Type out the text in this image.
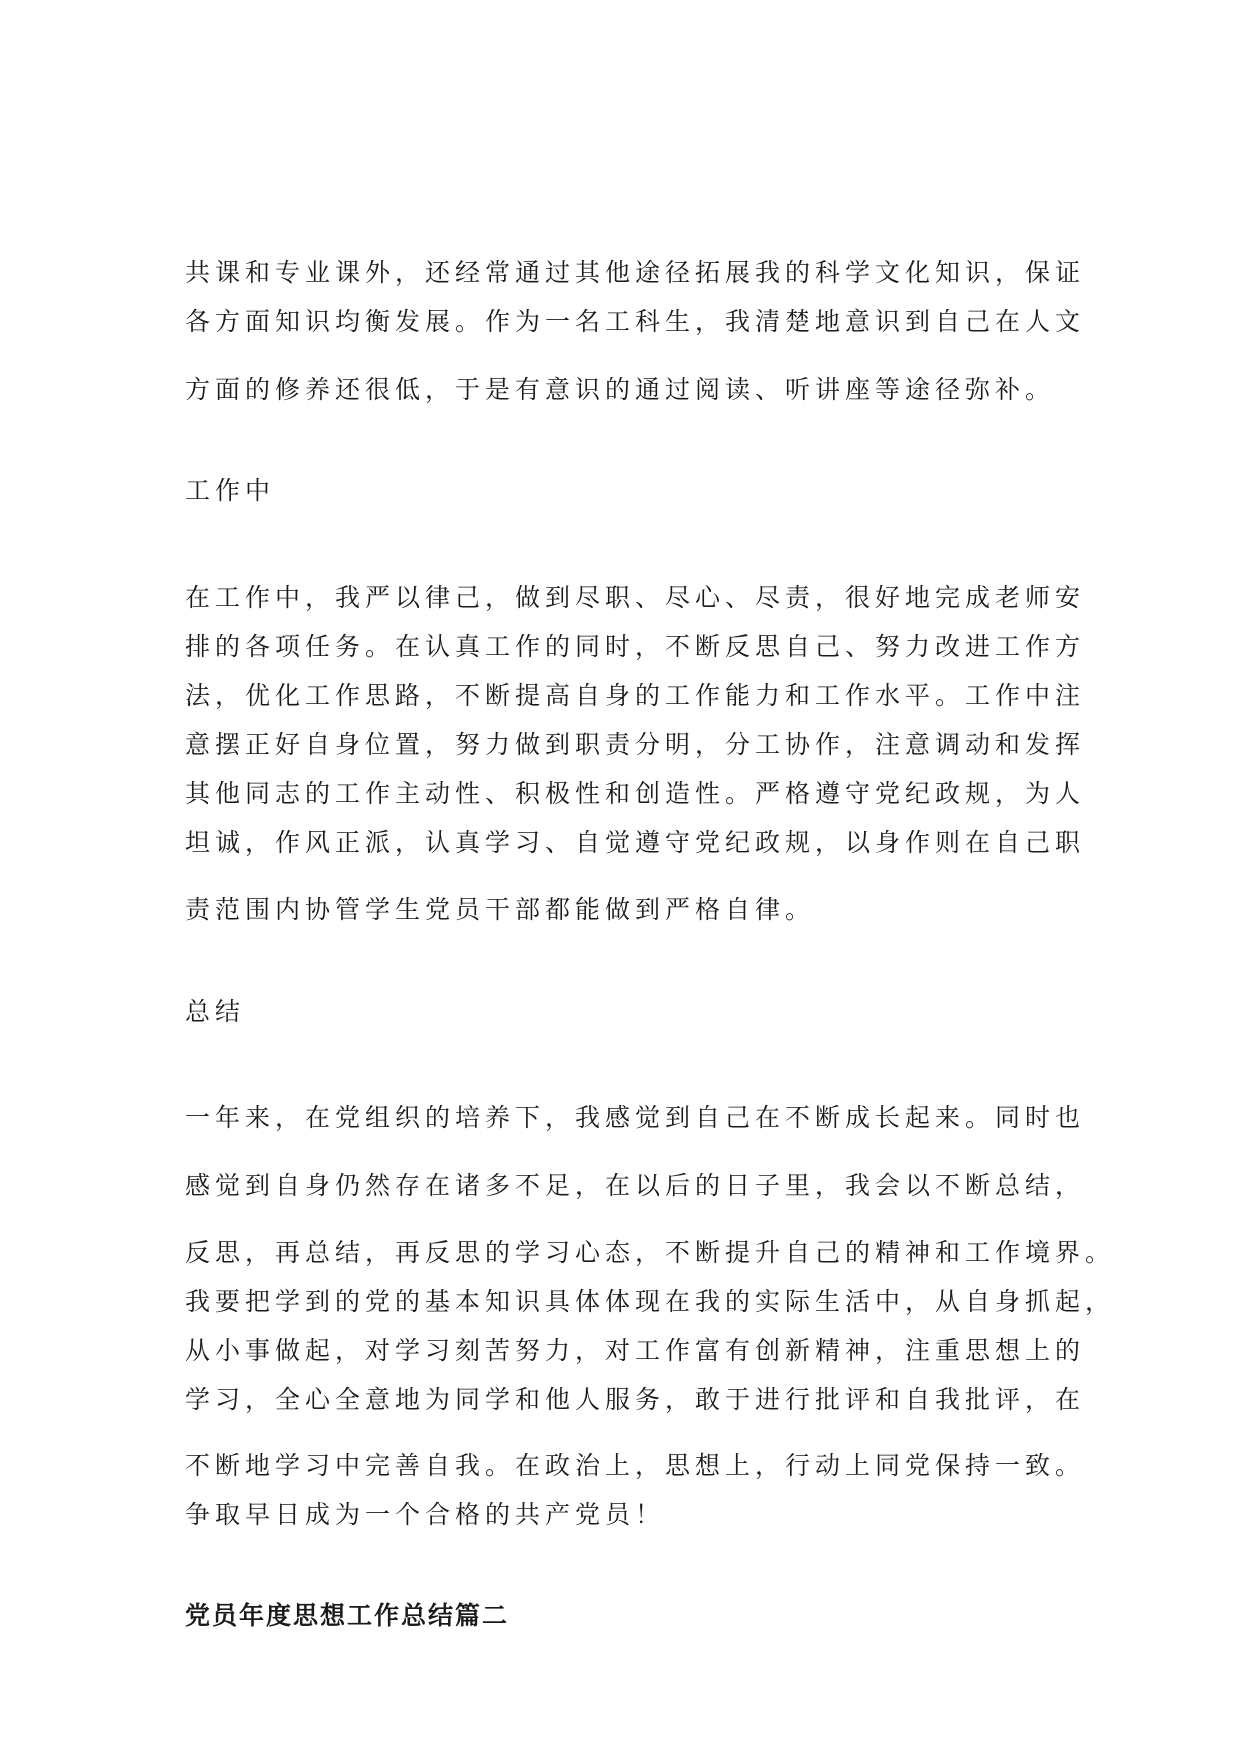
共课和专业课外，还经常通过其他途径拓展我的科学文化知识，保证
各方面知识均衡发展。作为一名工科生，我清楚地意识到自己在人文
方面的修养还很低，于是有意识的通过阅读、听讲座等途径弥补。
工作中
在工作中，我严以律己，做到尽职、尽心、尽责，很好地完成老师安
排的各项任务。在认真工作的同时，不断反思自己、努力改进工作方
法，优化工作思路，不断提高自身的工作能力和工作水平。工作中注
意摆正好自身位置，努力做到职责分明，分工协作，注意调动和发挥
其他同志的工作主动性、积极性和创造性。严格遵守党纪政规，为人
坦诚，作风正派，认真学习、自觉遵守党纪政规，以身作则在自己职
责范围内协管学生党员干部都能做到严格自律。
总结
一年来，在党组织的培养下，我感觉到自己在不断成长起来。同时也
感觉到自身仍然存在诸多不足，在以后的日子里，我会以不断总结，
反思，再总结，再反思的学习心态，不断提升自己的精神和工作境界。
我要把学到的党的基本知识具体体现在我的实际生活中，从自身抓起，
从小事做起，对学习刻苦努力，对工作富有创新精神，注重思想上的
学习，全心全意地为同学和他人服务，敢于进行批评和自我批评，在
不断地学习中完善自我。在政治上，思想上，行动上同党保持一致。
争取早日成为一个合格的共产党员！
党员年度思想工作总结篇二
